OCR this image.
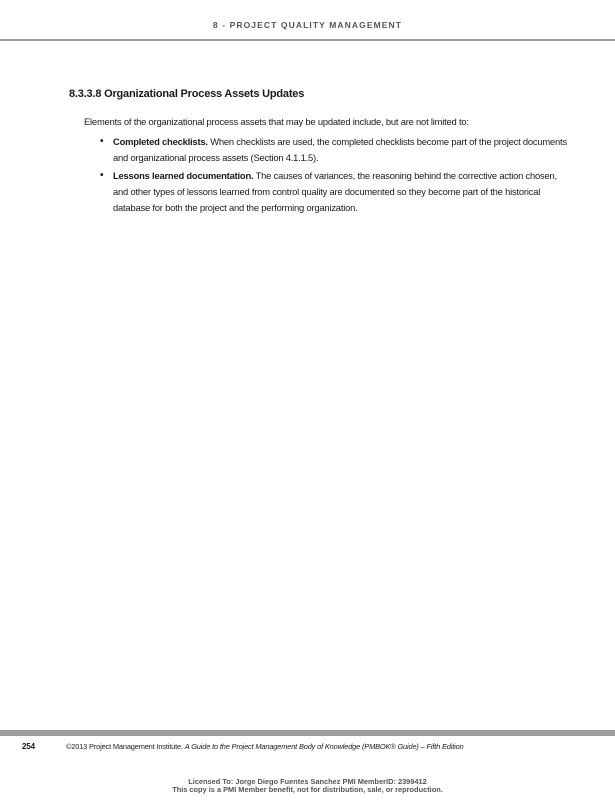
8 - PROJECT QUALITY MANAGEMENT
8.3.3.8 Organizational Process Assets Updates

Elements of the organizational process assets that may be updated include, but are not limited to:

• Completed checklists. When checklists are used, the completed checklists become part of the project documents and organizational process assets (Section 4.1.1.5).
• Lessons learned documentation. The causes of variances, the reasoning behind the corrective action chosen, and other types of lessons learned from control quality are documented so they become part of the historical database for both the project and the performing organization.
254	©2013 Project Management Institute. A Guide to the Project Management Body of Knowledge (PMBOK® Guide) – Fifth Edition
Licensed To: Jorge Diego Fuentes Sanchez PMI MemberID: 2399412
This copy is a PMI Member benefit, not for distribution, sale, or reproduction.
